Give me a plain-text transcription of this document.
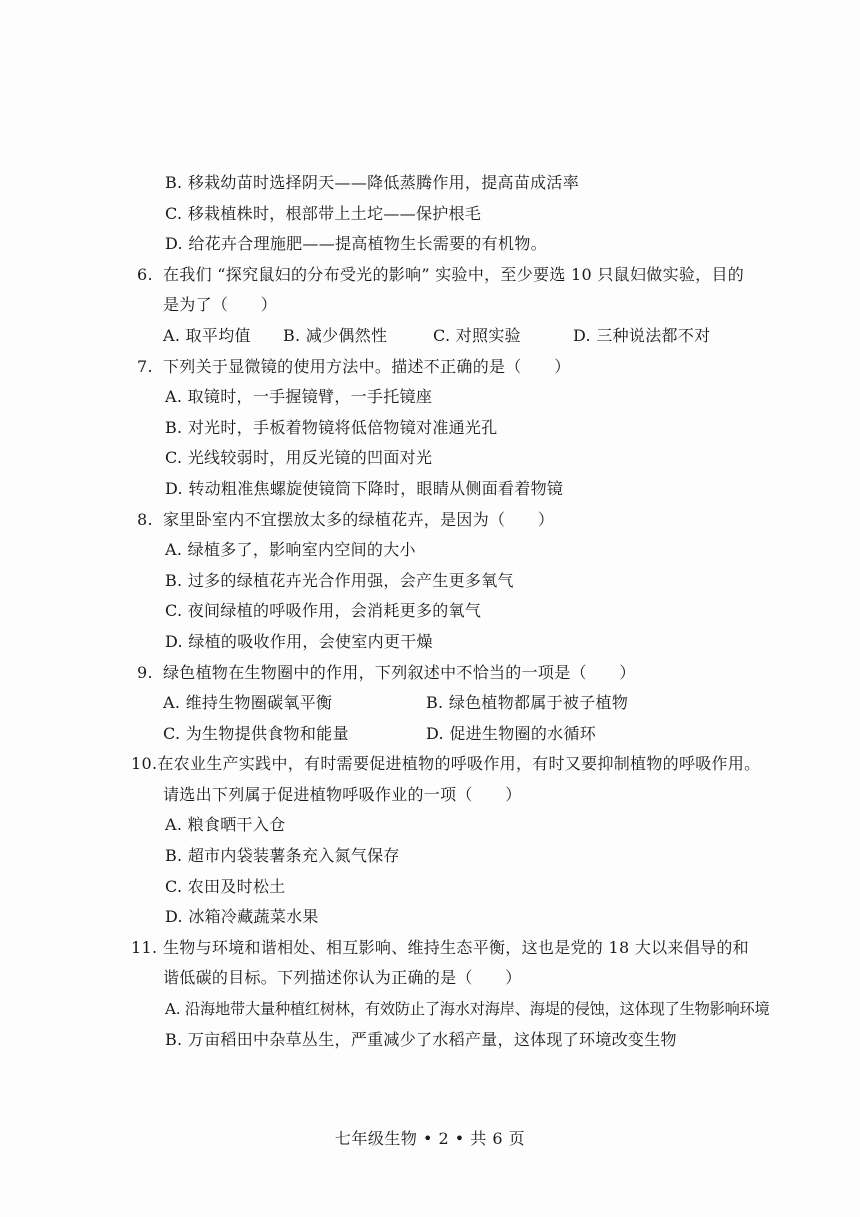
B. 移栽幼苗时选择阴天——降低蒸腾作用，提高苗成活率
C. 移栽植株时，根部带上土坨——保护根毛
D. 给花卉合理施肥——提高植物生长需要的有机物。
6. 在我们 “探究鼠妇的分布受光的影响” 实验中，至少要选 10 只鼠妇做实验，目的
是为了（　　）
A. 取平均值	B. 减少偶然性	C. 对照实验	D. 三种说法都不对
7. 下列关于显微镜的使用方法中。描述不正确的是（　　）
A. 取镜时，一手握镜臂，一手托镜座
B. 对光时，手板着物镜将低倍物镜对准通光孔
C. 光线较弱时，用反光镜的凹面对光
D. 转动粗准焦螺旋使镜筒下降时，眼睛从侧面看着物镜
8. 家里卧室内不宜摆放太多的绿植花卉，是因为（　　）
A. 绿植多了，影响室内空间的大小
B. 过多的绿植花卉光合作用强，会产生更多氧气
C. 夜间绿植的呼吸作用，会消耗更多的氧气
D. 绿植的吸收作用，会使室内更干燥
9. 绿色植物在生物圈中的作用，下列叙述中不恰当的一项是（　　）
A. 维持生物圈碳氧平衡	B. 绿色植物都属于被子植物
C. 为生物提供食物和能量	D. 促进生物圈的水循环
10. 在农业生产实践中，有时需要促进植物的呼吸作用，有时又要抑制植物的呼吸作用。
请选出下列属于促进植物呼吸作业的一项（　　）
A. 粮食晒干入仓
B. 超市内袋装薯条充入氮气保存
C. 农田及时松土
D. 冰箱冷藏蔬菜水果
11. 生物与环境和谐相处、相互影响、维持生态平衡，这也是党的 18 大以来倡导的和
谐低碳的目标。下列描述你认为正确的是（　　）
A. 沿海地带大量种植红树林，有效防止了海水对海岸、海堤的侵蚀，这体现了生物影响环境
B. 万亩稻田中杂草丛生，严重减少了水稻产量，这体现了环境改变生物
七年级生物 • 2 • 共 6 页
